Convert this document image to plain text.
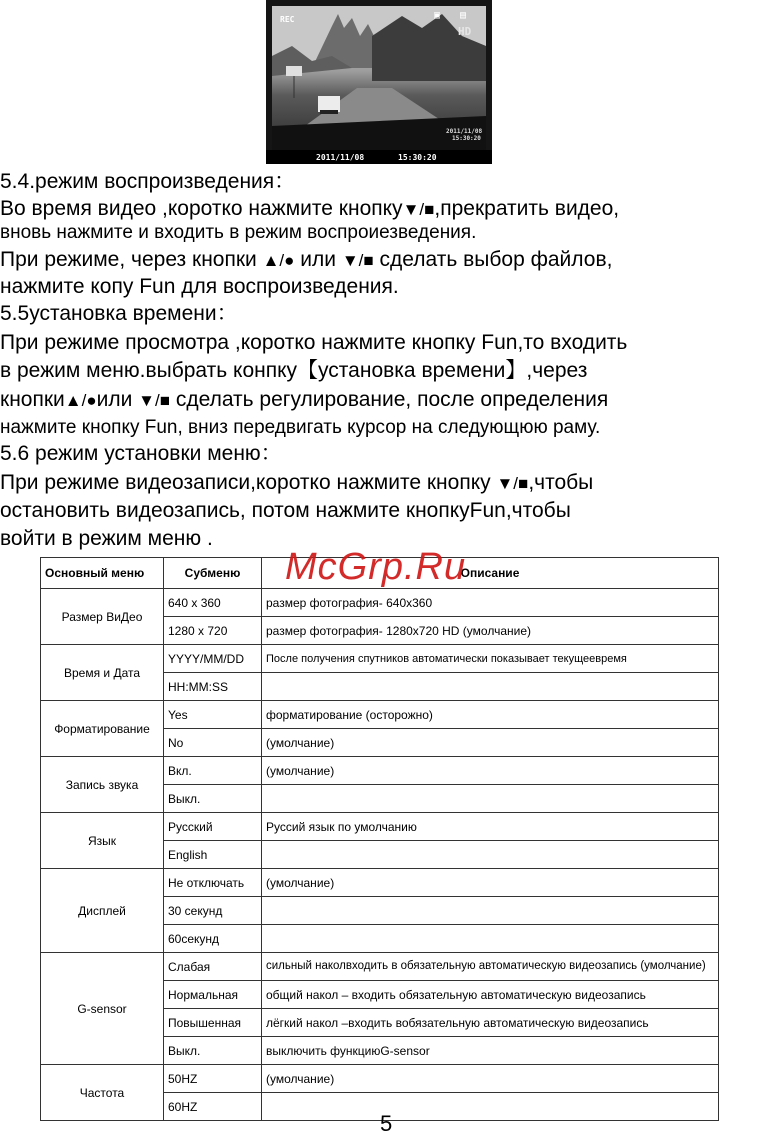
REC	▣ ▤
HD
2011/11/08
15:30:20
2011/11/08	15:30:20
5.4.режим воспроизведения：
Во время видео ,коротко нажмите кнопку▼/■,прекратить видео,
вновь нажмите и входить в режим воспроиезведения.
При режиме, через кнопки ▲/● или ▼/■ сделать выбор файлов,
нажмите копу Fun для воспроизведения.
5.5установка времени：
При режиме просмотра ,коротко нажмите кнопку Fun,то входить
в режим меню.выбрать конпку【установка времени】,через
кнопки▲/●или ▼/■ сделать регулирование, после определения
нажмите кнопку Fun, вниз передвигать курсор на следующюю раму.
5.6 режим установки меню：
При режиме видеозаписи,коротко нажмите кнопку ▼/■,чтобы
остановить видеозапись, потом нажмите кнопкуFun,чтобы
войти в режим меню .
Основный меню	Субменю	Описание
Размер ВиДео	640 x 360	размер фотография- 640x360
	1280 x 720	размер фотография- 1280x720 HD (умолчание)
Время и Дата	YYYY/MM/DD	После получения спутников автоматически показывает текущеевремя
	HH:MM:SS	
Форматирование	Yes	форматирование (осторожно)
	No	(умолчание)
Запись звука	Вкл.	(умолчание)
	Выкл.	
Язык	Русский	Руссий язык по умолчанию
	English	
Дисплей	Не отключать	(умолчание)
	30 секунд	
	60секунд	
G-sensor	Слабая	сильный наколвходить в обязательную автоматическую видеозапись (умолчание)
	Нормальная	общий накол – входить обязательную автоматическую видеозапись
	Повышенная	лёгкий накол –входить вобязательную автоматическую видеозапись
	Выкл.	выключить функциюG-sensor
Частота	50HZ	(умолчание)
	60HZ	
McGrp.Ru
5
